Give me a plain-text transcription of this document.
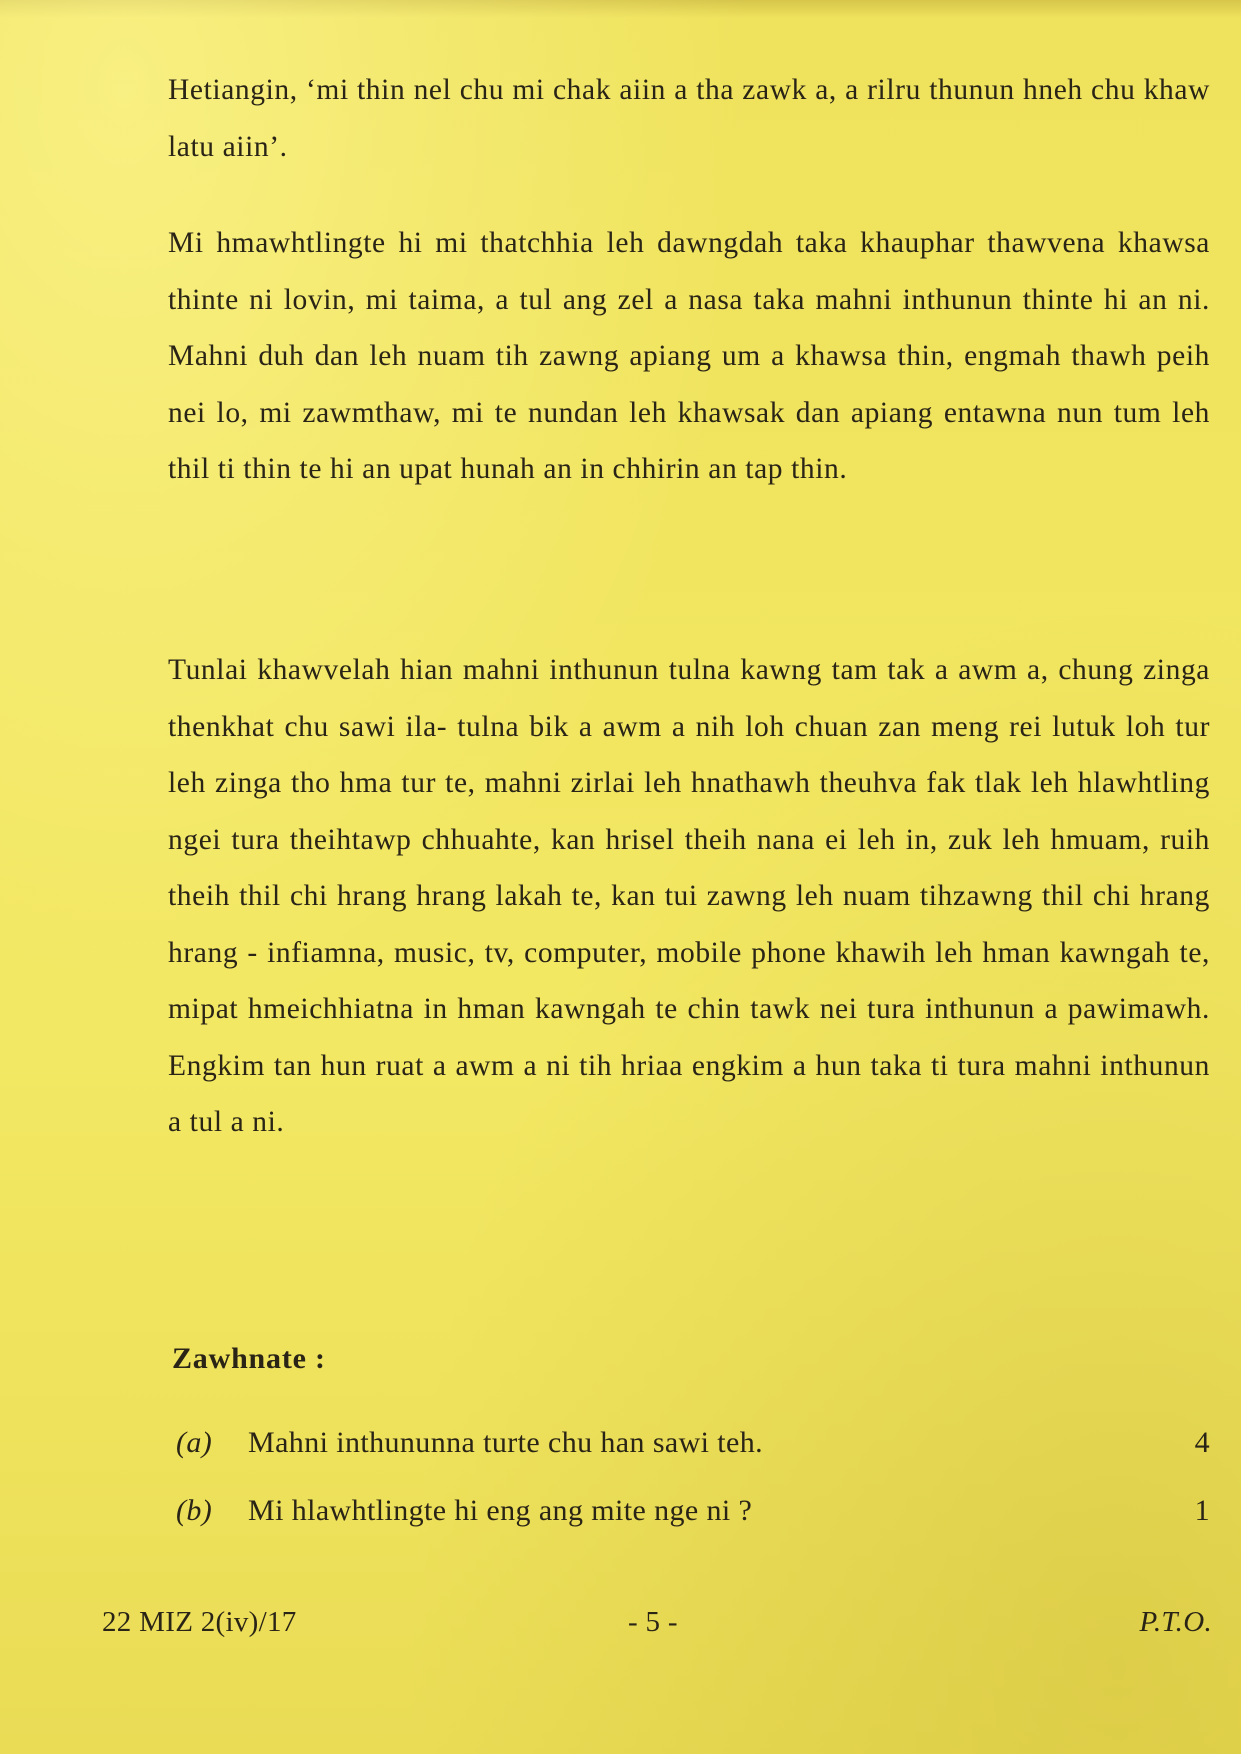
Hetiangin, ‘mi thin nel chu mi chak aiin a tha zawk a, a rilru thunun hneh chu khaw latu aiin’.
Mi hmawhtlingte hi mi thatchhia leh dawngdah taka khauphar thawvena khawsa thinte ni lovin, mi taima, a tul ang zel a nasa taka mahni inthunun thinte hi an ni. Mahni duh dan leh nuam tih zawng apiang um a khawsa thin, engmah thawh peih nei lo, mi zawmthaw, mi te nundan leh khawsak dan apiang entawna nun tum leh thil ti thin te hi an upat hunah an in chhirin an tap thin.
Tunlai khawvelah hian mahni inthunun tulna kawng tam tak a awm a, chung zinga thenkhat chu sawi ila- tulna bik a awm a nih loh chuan zan meng rei lutuk loh tur leh zinga tho hma tur te, mahni zirlai leh hnathawh theuhva fak tlak leh hlawhtling ngei tura theihtawp chhuahte, kan hrisel theih nana ei leh in, zuk leh hmuam, ruih theih thil chi hrang hrang lakah te, kan tui zawng leh nuam tihzawng thil chi hrang hrang - infiamna, music, tv, computer, mobile phone khawih leh hman kawngah te, mipat hmeichhiatna in hman kawngah te chin tawk nei tura inthunun a pawimawh. Engkim tan hun ruat a awm a ni tih hriaa engkim a hun taka ti tura mahni inthunun a tul a ni.
Zawhnate :
(a) Mahni inthununna turte chu han sawi teh.	4
(b) Mi hlawhtlingte hi eng ang mite nge ni ?	1
22 MIZ 2(iv)/17	- 5 -	P.T.O.
